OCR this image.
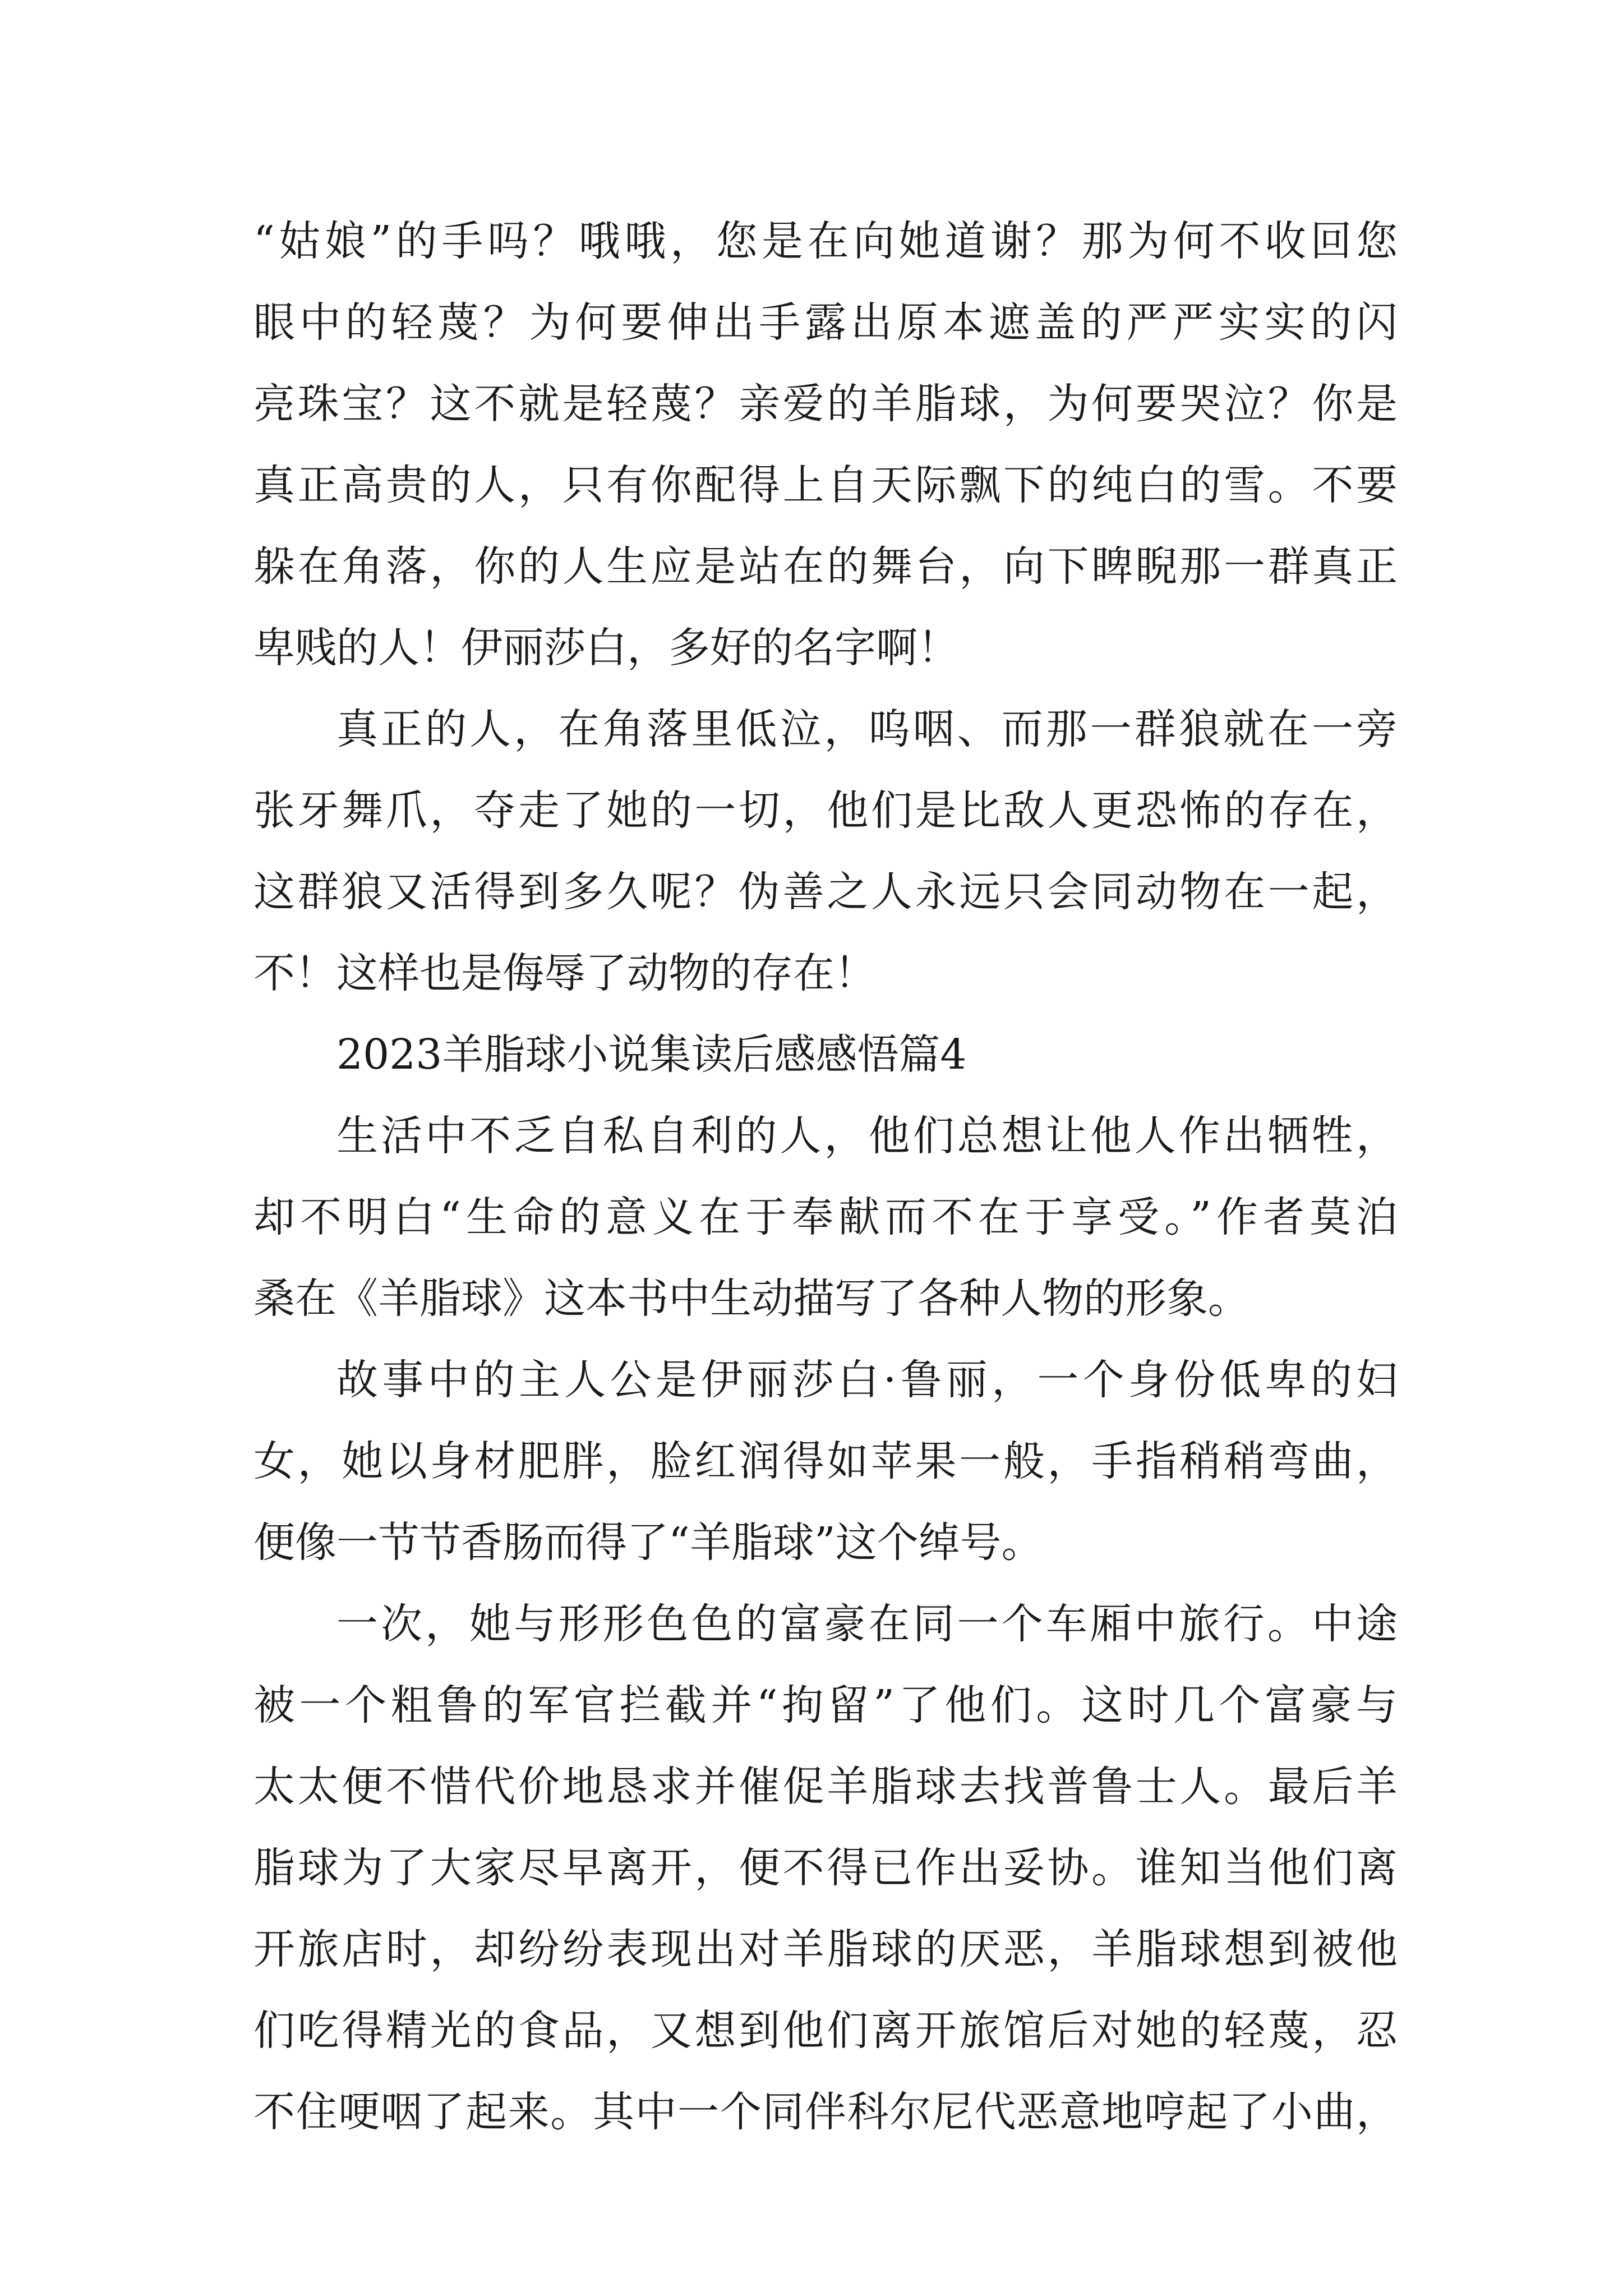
“姑娘”的手吗？哦哦，您是在向她道谢？那为何不收回您
眼中的轻蔑？为何要伸出手露出原本遮盖的严严实实的闪
亮珠宝？这不就是轻蔑？亲爱的羊脂球，为何要哭泣？你是
真正高贵的人，只有你配得上自天际飘下的纯白的雪。不要
躲在角落，你的人生应是站在的舞台，向下睥睨那一群真正
卑贱的人！伊丽莎白，多好的名字啊！
真正的人，在角落里低泣，呜咽、而那一群狼就在一旁
张牙舞爪，夺走了她的一切，他们是比敌人更恐怖的存在，
这群狼又活得到多久呢？伪善之人永远只会同动物在一起，
不！这样也是侮辱了动物的存在！
2023羊脂球小说集读后感感悟篇4
生活中不乏自私自利的人，他们总想让他人作出牺牲，
却不明白“生命的意义在于奉献而不在于享受。”作者莫泊
桑在《羊脂球》这本书中生动描写了各种人物的形象。
故事中的主人公是伊丽莎白·鲁丽，一个身份低卑的妇
女，她以身材肥胖，脸红润得如苹果一般，手指稍稍弯曲，
便像一节节香肠而得了“羊脂球”这个绰号。
一次，她与形形色色的富豪在同一个车厢中旅行。中途
被一个粗鲁的军官拦截并“拘留”了他们。这时几个富豪与
太太便不惜代价地恳求并催促羊脂球去找普鲁士人。最后羊
脂球为了大家尽早离开，便不得已作出妥协。谁知当他们离
开旅店时，却纷纷表现出对羊脂球的厌恶，羊脂球想到被他
们吃得精光的食品，又想到他们离开旅馆后对她的轻蔑，忍
不住哽咽了起来。其中一个同伴科尔尼代恶意地哼起了小曲，
